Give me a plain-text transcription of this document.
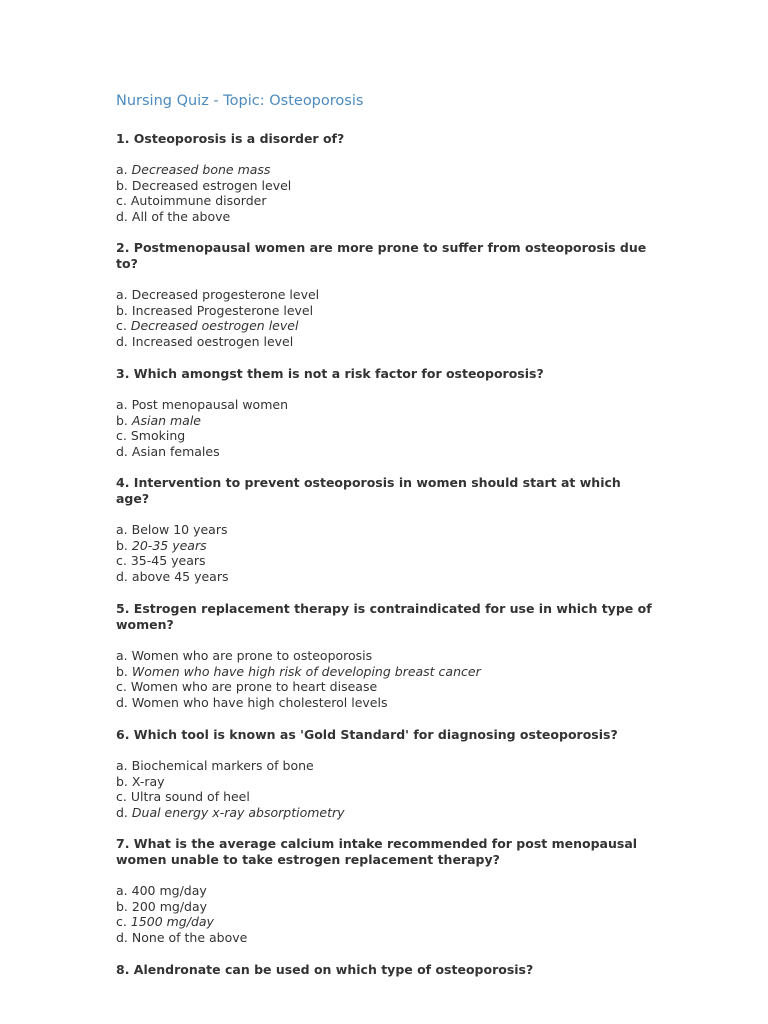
Nursing Quiz - Topic: Osteoporosis
1. Osteoporosis is a disorder of?
a. Decreased bone mass
b. Decreased estrogen level
c. Autoimmune disorder
d. All of the above
2. Postmenopausal women are more prone to suffer from osteoporosis due to?
a. Decreased progesterone level
b. Increased Progesterone level
c. Decreased oestrogen level
d. Increased oestrogen level
3. Which amongst them is not a risk factor for osteoporosis?
a. Post menopausal women
b. Asian male
c. Smoking
d. Asian females
4. Intervention to prevent osteoporosis in women should start at which age?
a. Below 10 years
b. 20-35 years
c. 35-45 years
d. above 45 years
5. Estrogen replacement therapy is contraindicated for use in which type of women?
a. Women who are prone to osteoporosis
b. Women who have high risk of developing breast cancer
c. Women who are prone to heart disease
d. Women who have high cholesterol levels
6. Which tool is known as 'Gold Standard' for diagnosing osteoporosis?
a. Biochemical markers of bone
b. X-ray
c. Ultra sound of heel
d. Dual energy x-ray absorptiometry
7. What is the average calcium intake recommended for post menopausal women unable to take estrogen replacement therapy?
a. 400 mg/day
b. 200 mg/day
c. 1500 mg/day
d. None of the above
8. Alendronate can be used on which type of osteoporosis?
